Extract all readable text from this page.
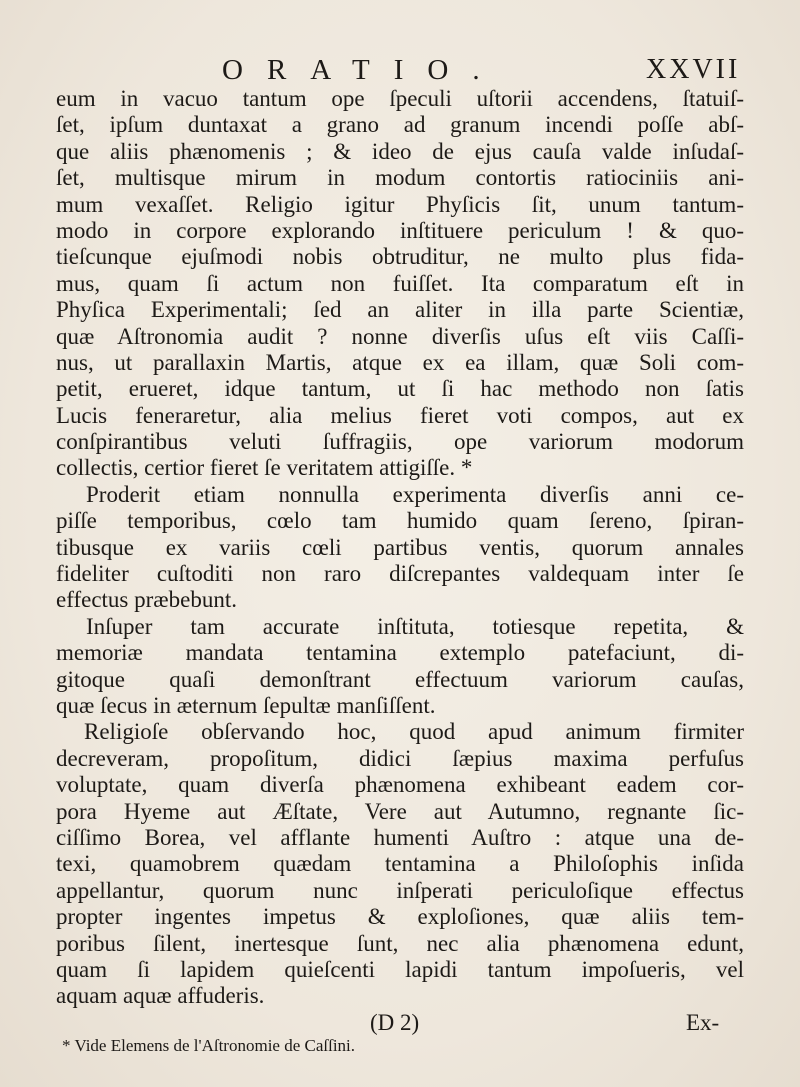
ORATIO.	XXVII
eum in vacuo tantum ope ſpeculi uſtorii accendens, ſtatuiſ-
ſet, ipſum duntaxat a grano ad granum incendi poſſe abſ-
que aliis phænomenis ; & ideo de ejus cauſa valde inſudaſ-
ſet, multisque mirum in modum contortis ratiociniis ani-
mum vexaſſet. Religio igitur Phyſicis ſit, unum tantum-
modo in corpore explorando inſtituere periculum ! & quo-
tieſcunque ejuſmodi nobis obtruditur, ne multo plus fida-
mus, quam ſi actum non fuiſſet. Ita comparatum eſt in
Phyſica Experimentali; ſed an aliter in illa parte Scientiæ,
quæ Aſtronomia audit ? nonne diverſis uſus eſt viis Caſſi-
nus, ut parallaxin Martis, atque ex ea illam, quæ Soli com-
petit, erueret, idque tantum, ut ſi hac methodo non ſatis
Lucis feneraretur, alia melius fieret voti compos, aut ex
conſpirantibus veluti ſuffragiis, ope variorum modorum
collectis, certior fieret ſe veritatem attigiſſe. *
Proderit etiam nonnulla experimenta diverſis anni ce-
piſſe temporibus, cœlo tam humido quam ſereno, ſpiran-
tibusque ex variis cœli partibus ventis, quorum annales
fideliter cuſtoditi non raro diſcrepantes valdequam inter ſe
effectus præbebunt.
Inſuper tam accurate inſtituta, totiesque repetita, &
memoriæ mandata tentamina extemplo patefaciunt, di-
gitoque quaſi demonſtrant effectuum variorum cauſas,
quæ ſecus in æternum ſepultæ manſiſſent.
Religioſe obſervando hoc, quod apud animum firmiter
decreveram, propoſitum, didici ſæpius maxima perfuſus
voluptate, quam diverſa phænomena exhibeant eadem cor-
pora Hyeme aut Æſtate, Vere aut Autumno, regnante ſic-
ciſſimo Borea, vel afflante humenti Auſtro : atque una de-
texi, quamobrem quædam tentamina a Philoſophis inſida
appellantur, quorum nunc inſperati periculoſique effectus
propter ingentes impetus & exploſiones, quæ aliis tem-
poribus ſilent, inertesque ſunt, nec alia phænomena edunt,
quam ſi lapidem quieſcenti lapidi tantum impoſueris, vel
aquam aquæ affuderis.
(D 2)	Ex-
* Vide Elemens de l'Aſtronomie de Caſſini.
